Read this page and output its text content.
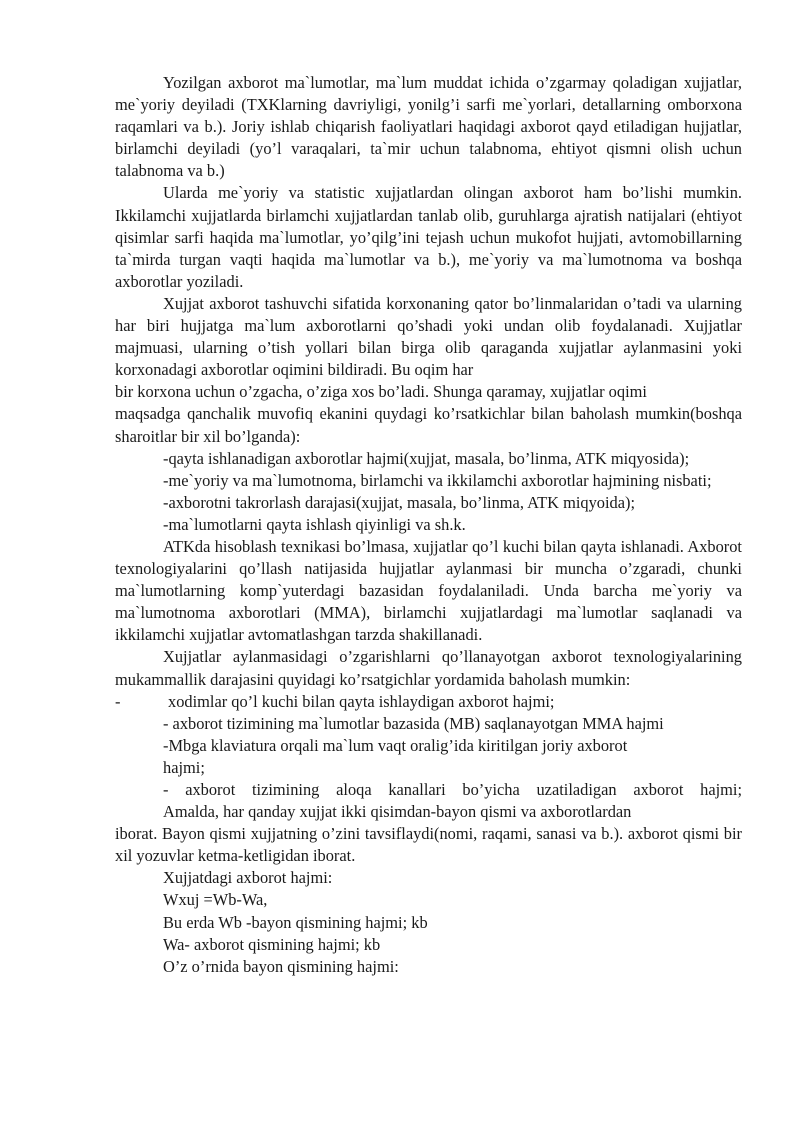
Yozilgan axborot ma`lumotlar, ma`lum muddat ichida o’zgarmay qoladigan xujjatlar, me`yoriy deyiladi (TXKlarning davriyligi, yonilg’i sarfi me`yorlari, detallarning omborxona raqamlari va b.). Joriy ishlab chiqarish faoliyatlari haqidagi axborot qayd etiladigan hujjatlar, birlamchi deyiladi (yo’l varaqalari, ta`mir uchun talabnoma, ehtiyot qismni olish uchun talabnoma va b.)

Ularda me`yoriy va statistic xujjatlardan olingan axborot ham bo’lishi mumkin. Ikkilamchi xujjatlarda birlamchi xujjatlardan tanlab olib, guruhlarga ajratish natijalari (ehtiyot qisimlar sarfi haqida ma`lumotlar, yo’qilg’ini tejash uchun mukofot hujjati, avtomobillarning ta`mirda turgan vaqti haqida ma`lumotlar va b.), me`yoriy va ma`lumotnoma va boshqa axborotlar yoziladi.

Xujjat axborot tashuvchi sifatida korxonaning qator bo’linmalaridan o’tadi va ularning har biri hujjatga ma`lum axborotlarni qo’shadi yoki undan olib foydalanadi. Xujjatlar majmuasi, ularning o’tish yollari bilan birga olib qaraganda xujjatlar aylanmasini yoki korxonadagi axborotlar oqimini bildiradi. Bu oqim har

bir korxona uchun o’zgacha, o’ziga xos bo’ladi. Shunga qaramay, xujjatlar oqimi

maqsadga qanchalik muvofiq ekanini quydagi ko’rsatkichlar bilan baholash mumkin(boshqa sharoitlar bir xil bo’lganda):

-qayta ishlanadigan axborotlar hajmi(xujjat, masala, bo’linma, ATK miqyosida);

-me`yoriy va ma`lumotnoma, birlamchi va ikkilamchi axborotlar hajmining nisbati;

-axborotni takrorlash darajasi(xujjat, masala, bo’linma, ATK miqyoida);

-ma`lumotlarni qayta ishlash qiyinligi va sh.k.

ATKda hisoblash texnikasi bo’lmasa, xujjatlar qo’l kuchi bilan qayta ishlanadi. Axborot texnologiyalarini qo’llash natijasida hujjatlar aylanmasi bir muncha o’zgaradi, chunki ma`lumotlarning komp`yuterdagi bazasidan foydalaniladi. Unda barcha me`yoriy va ma`lumotnoma axborotlari (MMA), birlamchi xujjatlardagi ma`lumotlar saqlanadi va ikkilamchi xujjatlar avtomatlashgan tarzda shakillanadi.

Xujjatlar aylanmasidagi o’zgarishlarni qo’llanayotgan axborot texnologiyalarining mukammallik darajasini quyidagi ko’rsatgichlar yordamida baholash mumkin:

-	xodimlar qo’l kuchi bilan qayta ishlaydigan axborot hajmi;

- axborot tizimining ma`lumotlar bazasida (MB) saqlanayotgan MMA hajmi

-Mbga klaviatura orqali ma`lum vaqt oralig’ida kiritilgan joriy axborot

hajmi;

- axborot tizimining aloqa kanallari bo’yicha uzatiladigan axborot hajmi;

Amalda, har qanday xujjat ikki qisimdan-bayon qismi va axborotlardan

iborat. Bayon qismi xujjatning o’zini tavsiflaydi(nomi, raqami, sanasi va b.). axborot qismi bir xil yozuvlar ketma-ketligidan iborat.

Xujjatdagi axborot hajmi:

Wxuj =Wb-Wa,

Bu erda Wb -bayon qismining hajmi; kb

Wa- axborot qismining hajmi; kb

O’z o’rnida bayon qismining hajmi:
